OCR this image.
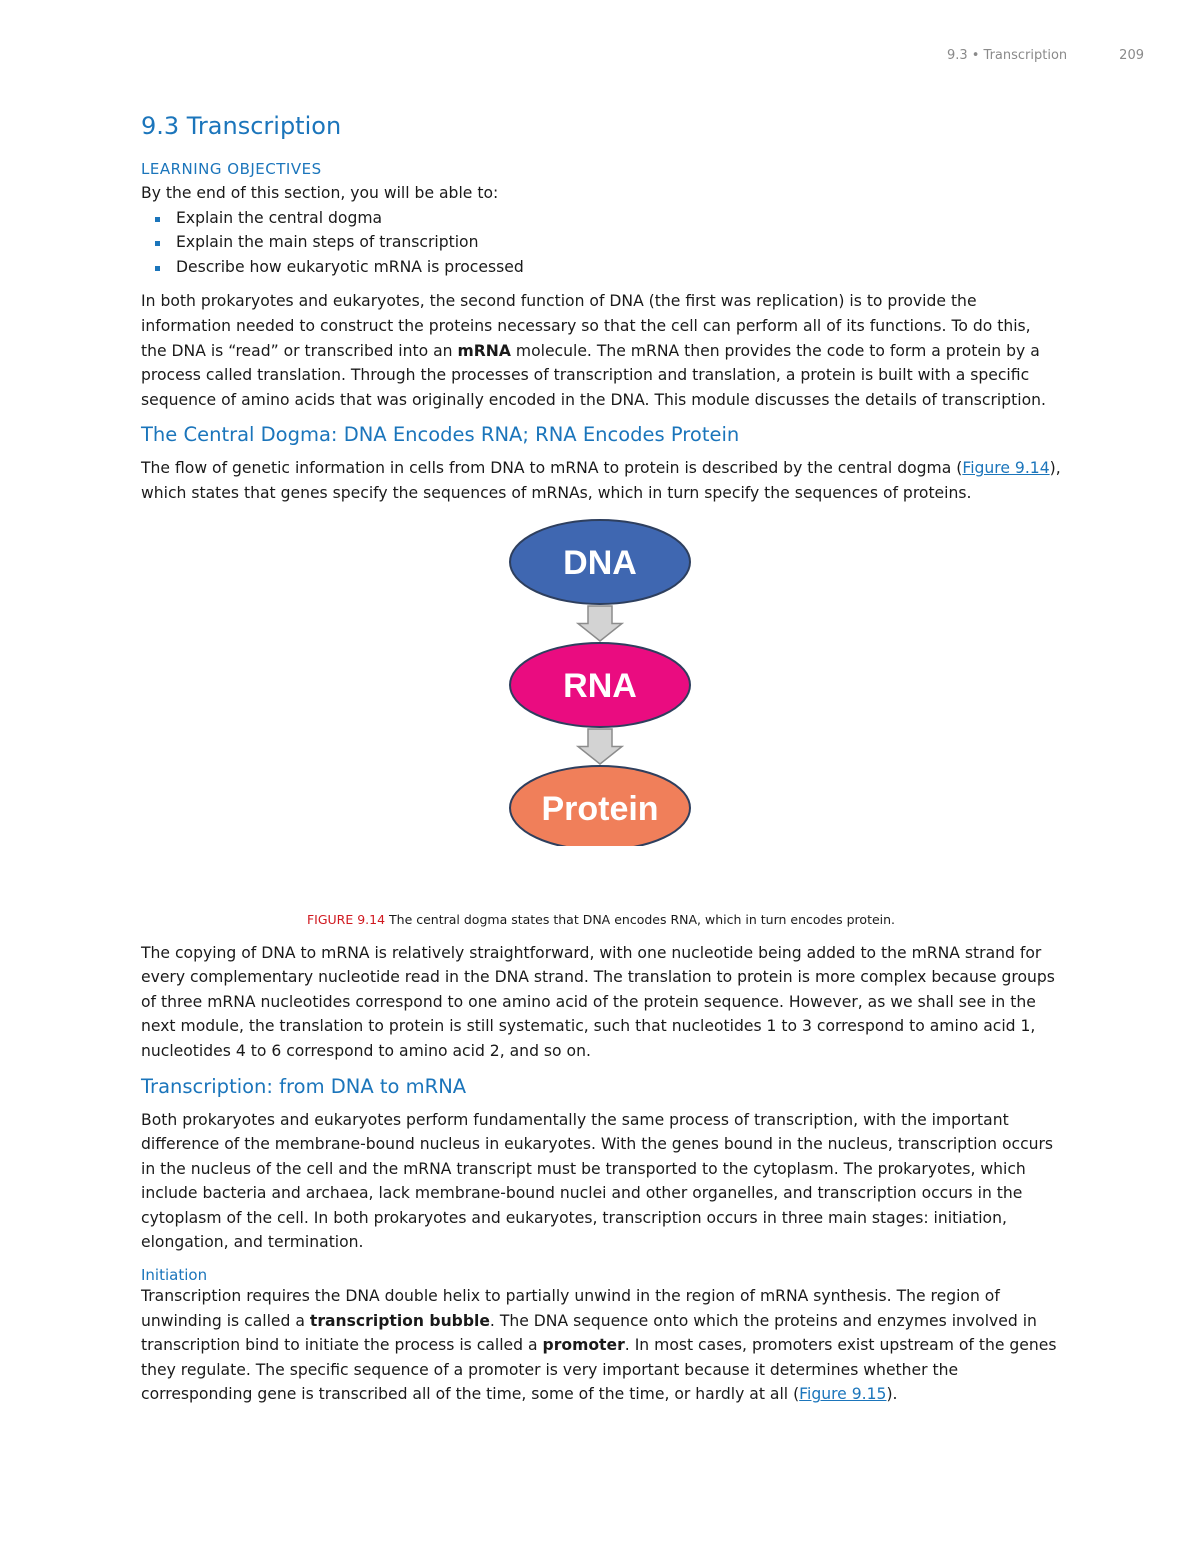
9.3 • Transcription	209
9.3 Transcription
LEARNING OBJECTIVES
By the end of this section, you will be able to:
Explain the central dogma
Explain the main steps of transcription
Describe how eukaryotic mRNA is processed

In both prokaryotes and eukaryotes, the second function of DNA (the first was replication) is to provide the information needed to construct the proteins necessary so that the cell can perform all of its functions. To do this, the DNA is “read” or transcribed into an mRNA molecule. The mRNA then provides the code to form a protein by a process called translation. Through the processes of transcription and translation, a protein is built with a specific sequence of amino acids that was originally encoded in the DNA. This module discusses the details of transcription.

The Central Dogma: DNA Encodes RNA; RNA Encodes Protein

The flow of genetic information in cells from DNA to mRNA to protein is described by the central dogma (Figure 9.14), which states that genes specify the sequences of mRNAs, which in turn specify the sequences of proteins.

DNA
RNA
Protein
FIGURE 9.14 The central dogma states that DNA encodes RNA, which in turn encodes protein.

The copying of DNA to mRNA is relatively straightforward, with one nucleotide being added to the mRNA strand for every complementary nucleotide read in the DNA strand. The translation to protein is more complex because groups of three mRNA nucleotides correspond to one amino acid of the protein sequence. However, as we shall see in the next module, the translation to protein is still systematic, such that nucleotides 1 to 3 correspond to amino acid 1, nucleotides 4 to 6 correspond to amino acid 2, and so on.

Transcription: from DNA to mRNA

Both prokaryotes and eukaryotes perform fundamentally the same process of transcription, with the important difference of the membrane-bound nucleus in eukaryotes. With the genes bound in the nucleus, transcription occurs in the nucleus of the cell and the mRNA transcript must be transported to the cytoplasm. The prokaryotes, which include bacteria and archaea, lack membrane-bound nuclei and other organelles, and transcription occurs in the cytoplasm of the cell. In both prokaryotes and eukaryotes, transcription occurs in three main stages: initiation, elongation, and termination.

Initiation

Transcription requires the DNA double helix to partially unwind in the region of mRNA synthesis. The region of unwinding is called a transcription bubble. The DNA sequence onto which the proteins and enzymes involved in transcription bind to initiate the process is called a promoter. In most cases, promoters exist upstream of the genes they regulate. The specific sequence of a promoter is very important because it determines whether the corresponding gene is transcribed all of the time, some of the time, or hardly at all (Figure 9.15).
